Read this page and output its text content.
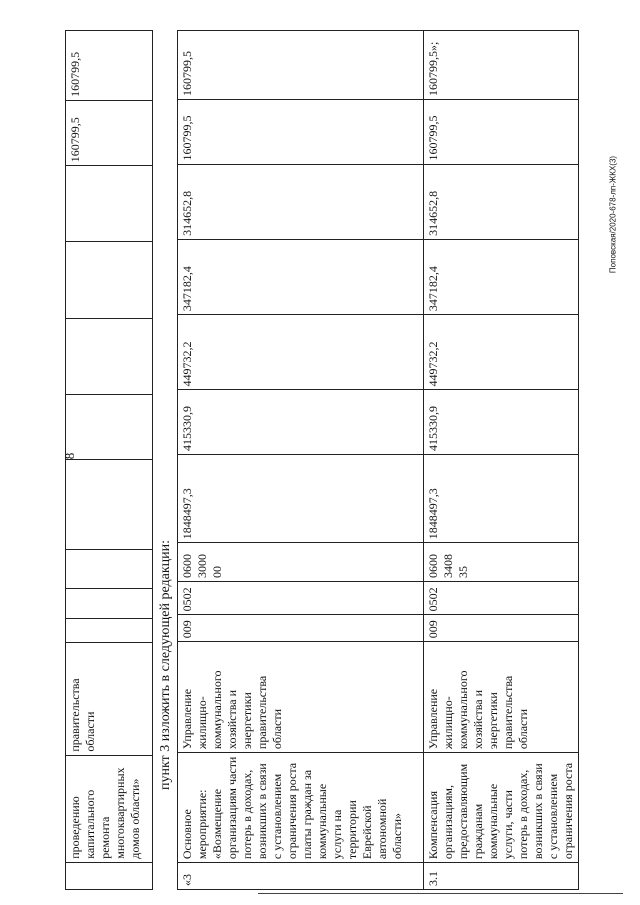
8
Поповская/2020-678-лп-ЖКХ(3)
	проведению капитального ремонта многоквартирных домов области»	правительства области									160799,5	160799,5
пункт 3 изложить в следующей редакции:
«3	Основное мероприятие: «Возмещение организациям части потерь в доходах, возникших в связи с установлением ограничения роста платы граждан за коммунальные услуги на территории Еврейской автономной области»	Управление жилищно-коммунального хозяйства и энергетики правительства области	009	0502	0600 3000 00	1848497,3	415330,9	449732,2	347182,4	314652,8	160799,5	160799,5
3.1	Компенсация организациям, предоставляющим гражданам коммунальные услуги, части потерь в доходах, возникших в связи с установлением ограничения роста	Управление жилищно-коммунального хозяйства и энергетики правительства области	009	0502	0600 3408 35	1848497,3	415330,9	449732,2	347182,4	314652,8	160799,5	160799,5»;
